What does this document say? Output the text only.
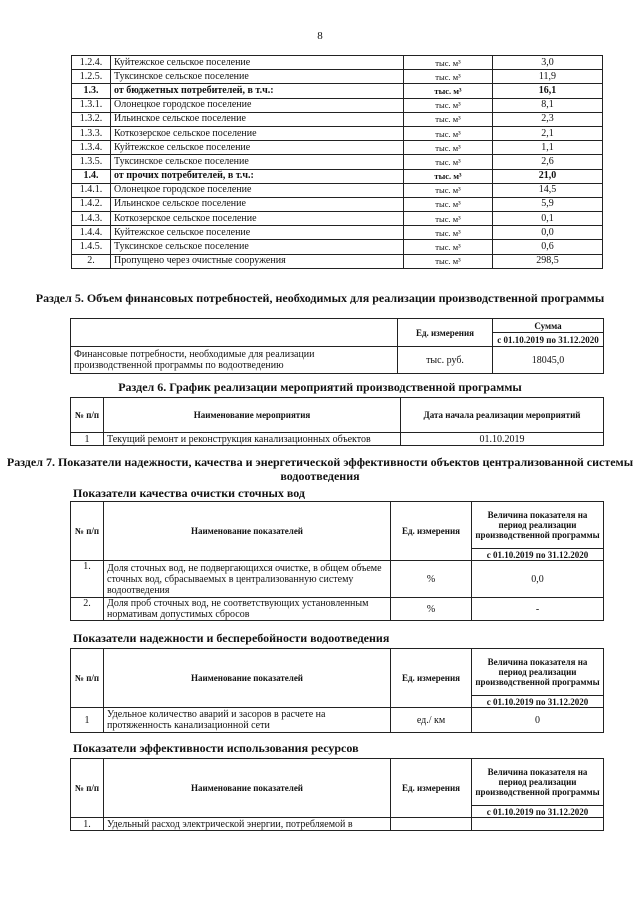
8
1.2.4.	Куйтежское сельское поселение	тыс. м³	3,0
1.2.5.	Туксинское сельское поселение	тыс. м³	11,9
1.3.	от бюджетных потребителей, в т.ч.:	тыс. м³	16,1
1.3.1.	Олонецкое городское поселение	тыс. м³	8,1
1.3.2.	Ильинское сельское поселение	тыс. м³	2,3
1.3.3.	Коткозерское сельское поселение	тыс. м³	2,1
1.3.4.	Куйтежское сельское поселение	тыс. м³	1,1
1.3.5.	Туксинское сельское поселение	тыс. м³	2,6
1.4.	от прочих потребителей, в т.ч.:	тыс. м³	21,0
1.4.1.	Олонецкое городское поселение	тыс. м³	14,5
1.4.2.	Ильинское сельское поселение	тыс. м³	5,9
1.4.3.	Коткозерское сельское поселение	тыс. м³	0,1
1.4.4.	Куйтежское сельское поселение	тыс. м³	0,0
1.4.5.	Туксинское сельское поселение	тыс. м³	0,6
2.	Пропущено через очистные сооружения	тыс. м³	298,5
Раздел 5. Объем финансовых потребностей, необходимых для реализации производственной программы
	Ед. измерения	Сумма
		с 01.10.2019 по 31.12.2020
Финансовые потребности, необходимые для реализации производственной программы по водоотведению	тыс. руб.	18045,0
Раздел 6. График реализации мероприятий производственной программы
№ п/п	Наименование мероприятия	Дата начала реализации мероприятий
1	Текущий ремонт и реконструкция канализационных объектов	01.10.2019
Раздел 7. Показатели надежности, качества и энергетической эффективности объектов централизованной системы водоотведения
Показатели качества очистки сточных вод
№ п/п	Наименование показателей	Ед. измерения	Величина показателя на период реализации производственной программы
			с 01.10.2019 по 31.12.2020
1.	Доля сточных вод, не подвергающихся очистке, в общем объеме сточных вод, сбрасываемых в централизованную систему водоотведения	%	0,0
2.	Доля проб сточных вод, не соответствующих установленным нормативам допустимых сбросов	%	-
Показатели надежности и бесперебойности водоотведения
№ п/п	Наименование показателей	Ед. измерения	Величина показателя на период реализации производственной программы
			с 01.10.2019 по 31.12.2020
1	Удельное количество аварий и засоров в расчете на протяженность канализационной сети	ед./ км	0
Показатели эффективности использования ресурсов
№ п/п	Наименование показателей	Ед. измерения	Величина показателя на период реализации производственной программы
			с 01.10.2019 по 31.12.2020
1.	Удельный расход электрической энергии, потребляемой в		
